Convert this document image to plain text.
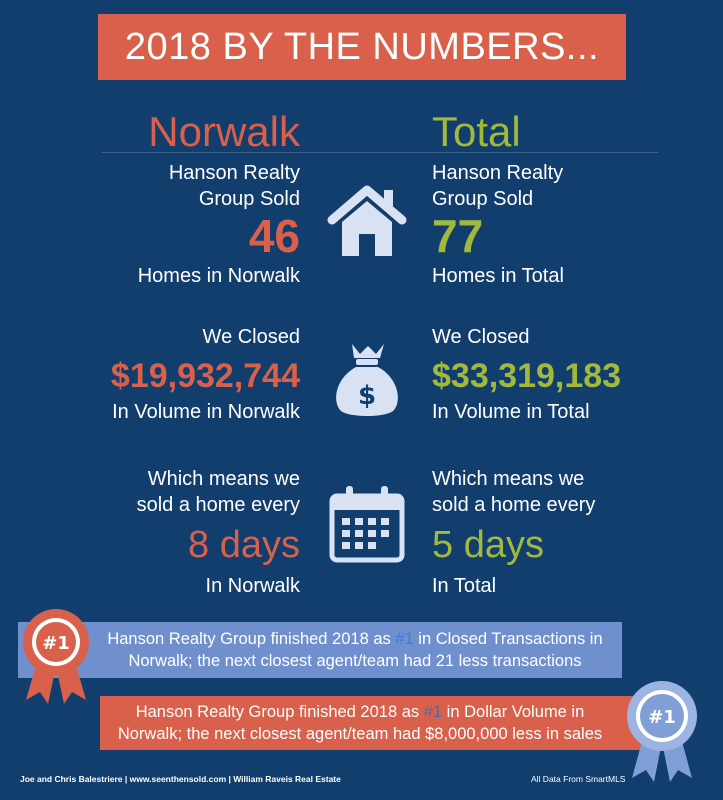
2018 BY THE NUMBERS...
Norwalk	Total
Hanson Realty
Group Sold
46
Homes in Norwalk
Hanson Realty
Group Sold
77
Homes in Total
We Closed
$19,932,744
In Volume in Norwalk
We Closed
$33,319,183
In Volume in Total
$
Which means we
sold a home every
8 days
In Norwalk
Which means we
sold a home every
5 days
In Total
Hanson Realty Group finished 2018 as #1 in Closed Transactions in
Norwalk; the next closest agent/team had 21 less transactions
#1
Hanson Realty Group finished 2018 as #1 in Dollar Volume in
Norwalk; the next closest agent/team had $8,000,000 less in sales
#1
Joe and Chris Balestriere | www.seenthensold.com | William Raveis Real Estate	All Data From SmartMLS
